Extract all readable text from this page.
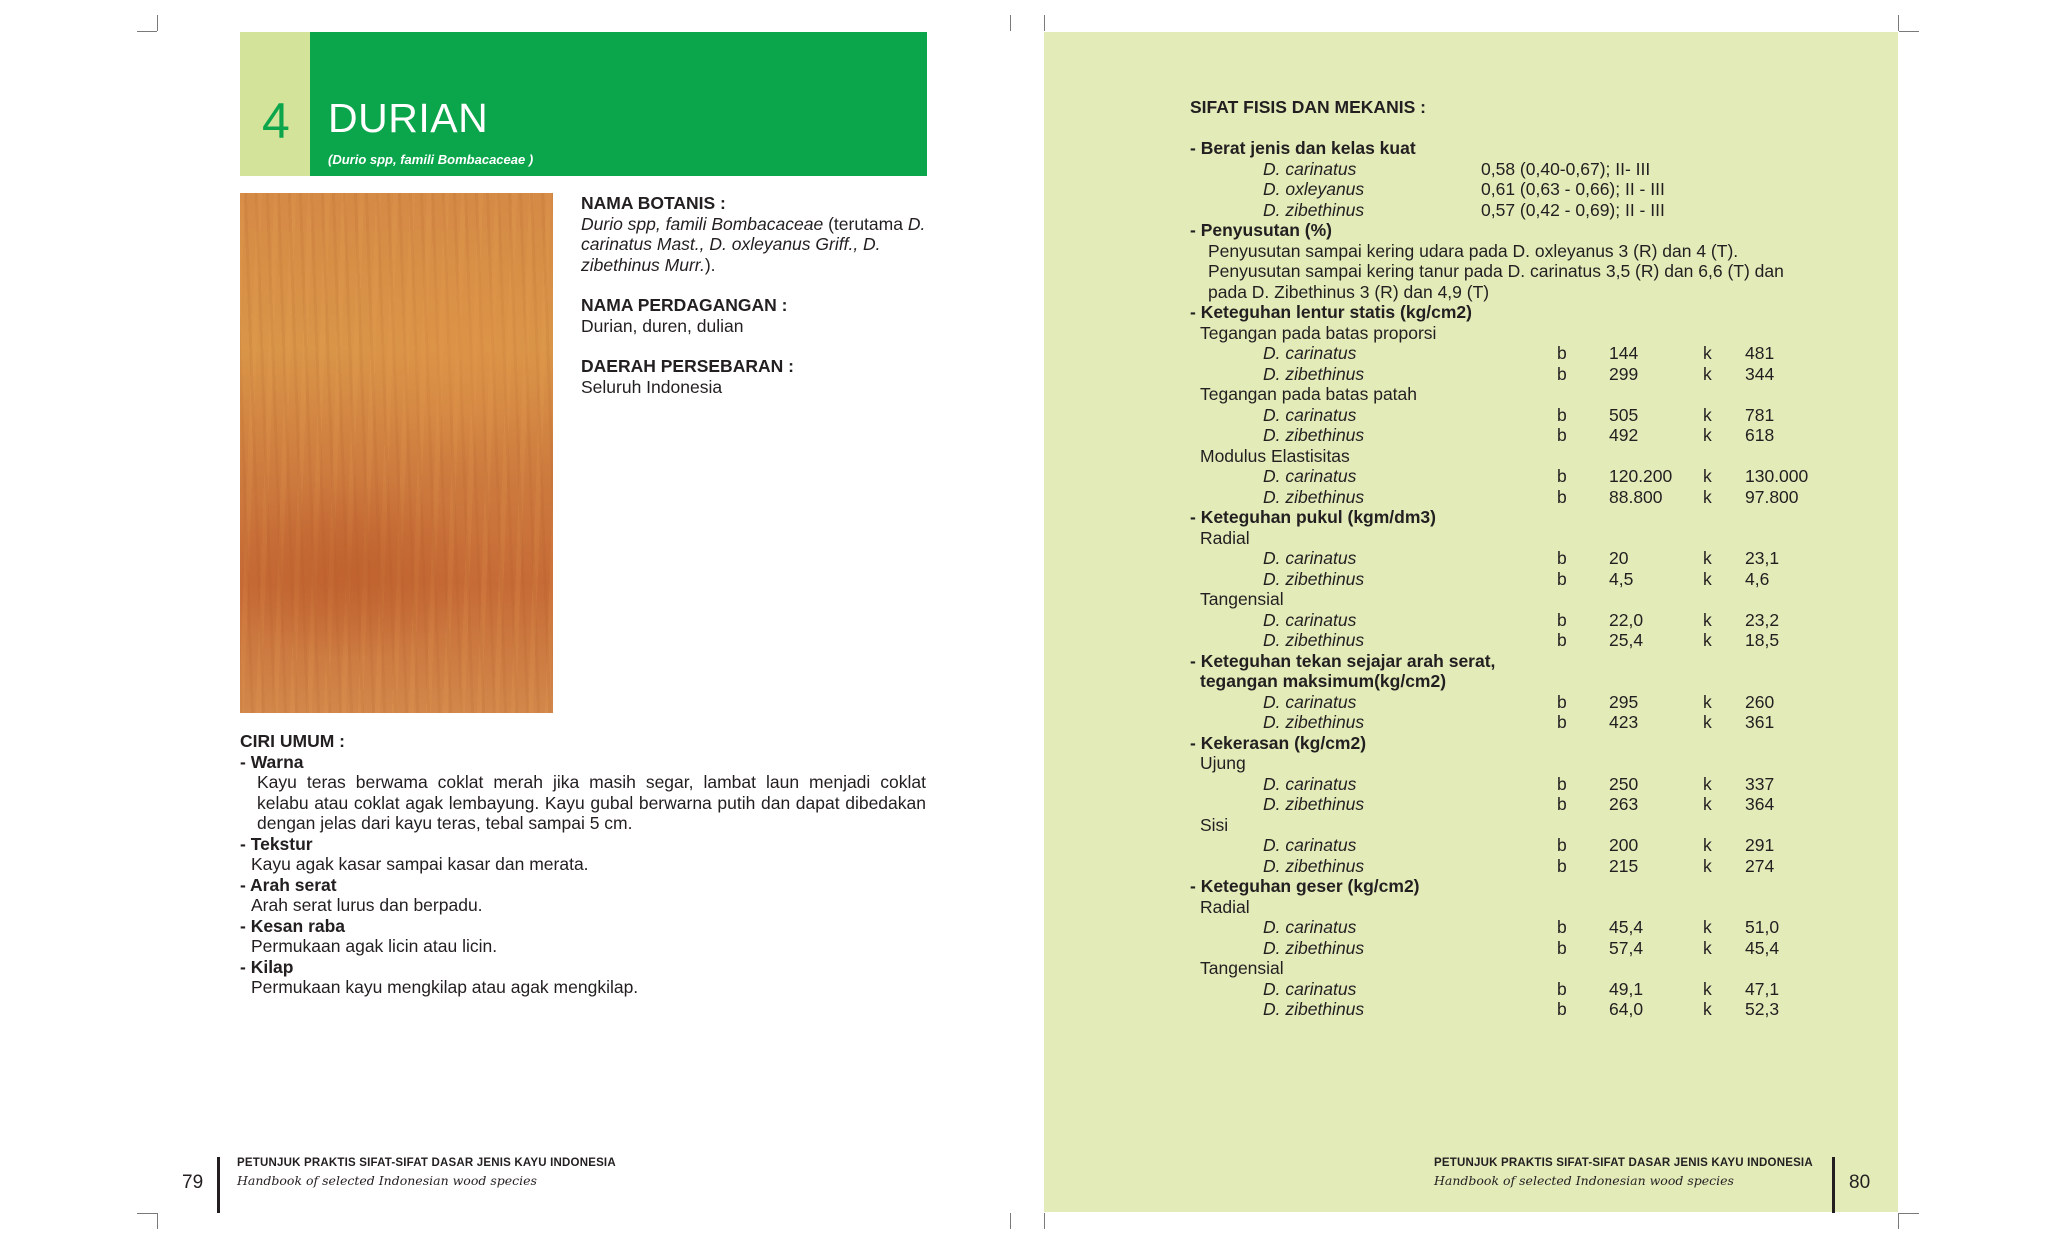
4 DURIAN
(Durio spp, famili Bombacaceae )
NAMA BOTANIS :

Durio spp, famili Bombacaceae (terutama D. carinatus Mast., D. oxleyanus Griff., D. zibethinus Murr.).

NAMA PERDAGANGAN :

Durian, duren, dulian

DAERAH PERSEBARAN :

Seluruh Indonesia

CIRI UMUM :
- Warna
Kayu teras berwama coklat merah jika masih segar, lambat laun menjadi coklat kelabu atau coklat agak lembayung. Kayu gubal berwarna putih dan dapat dibedakan dengan jelas dari kayu teras, tebal sampai 5 cm.
- Tekstur
Kayu agak kasar sampai kasar dan merata.
- Arah serat
Arah serat lurus dan berpadu.
- Kesan raba
Permukaan agak licin atau licin.
- Kilap
Permukaan kayu mengkilap atau agak mengkilap.
79
PETUNJUK PRAKTIS SIFAT-SIFAT DASAR JENIS KAYU INDONESIA
Handbook of selected Indonesian wood species
SIFAT FISIS DAN MEKANIS :
- Berat jenis dan kelas kuat
D. carinatus	0,58 (0,40-0,67); II- III
D. oxleyanus	0,61 (0,63 - 0,66); II - III
D. zibethinus	0,57 (0,42 - 0,69); II - III
- Penyusutan (%)
Penyusutan sampai kering udara pada D. oxleyanus 3 (R) dan 4 (T).
Penyusutan sampai kering tanur pada D. carinatus 3,5 (R) dan 6,6 (T) dan
pada D. Zibethinus 3 (R) dan 4,9 (T)
- Keteguhan lentur statis (kg/cm2)
Tegangan pada batas proporsi
D. carinatus	b 144	k 481
D. zibethinus	b 299	k 344
Tegangan pada batas patah
D. carinatus	b 505	k 781
D. zibethinus	b 492	k 618
Modulus Elastisitas
D. carinatus	b 120.200 k 130.000
D. zibethinus	b 88.800 k 97.800
- Keteguhan pukul (kgm/dm3)
Radial
D. carinatus	b 20	k 23,1
D. zibethinus	b 4,5	k 4,6
Tangensial
D. carinatus	b 22,0	k 23,2
D. zibethinus	b 25,4	k 18,5
- Keteguhan tekan sejajar arah serat,
tegangan maksimum(kg/cm2)
D. carinatus	b 295	k 260
D. zibethinus	b 423	k 361
- Kekerasan (kg/cm2)
Ujung
D. carinatus	b 250	k 337
D. zibethinus	b 263	k 364
Sisi
D. carinatus	b 200	k 291
D. zibethinus	b 215	k 274
- Keteguhan geser (kg/cm2)
Radial
D. carinatus	b 45,4	k 51,0
D. zibethinus	b 57,4	k 45,4
Tangensial
D. carinatus	b 49,1	k 47,1
D. zibethinus	b 64,0	k 52,3
PETUNJUK PRAKTIS SIFAT-SIFAT DASAR JENIS KAYU INDONESIA
Handbook of selected Indonesian wood species	80
